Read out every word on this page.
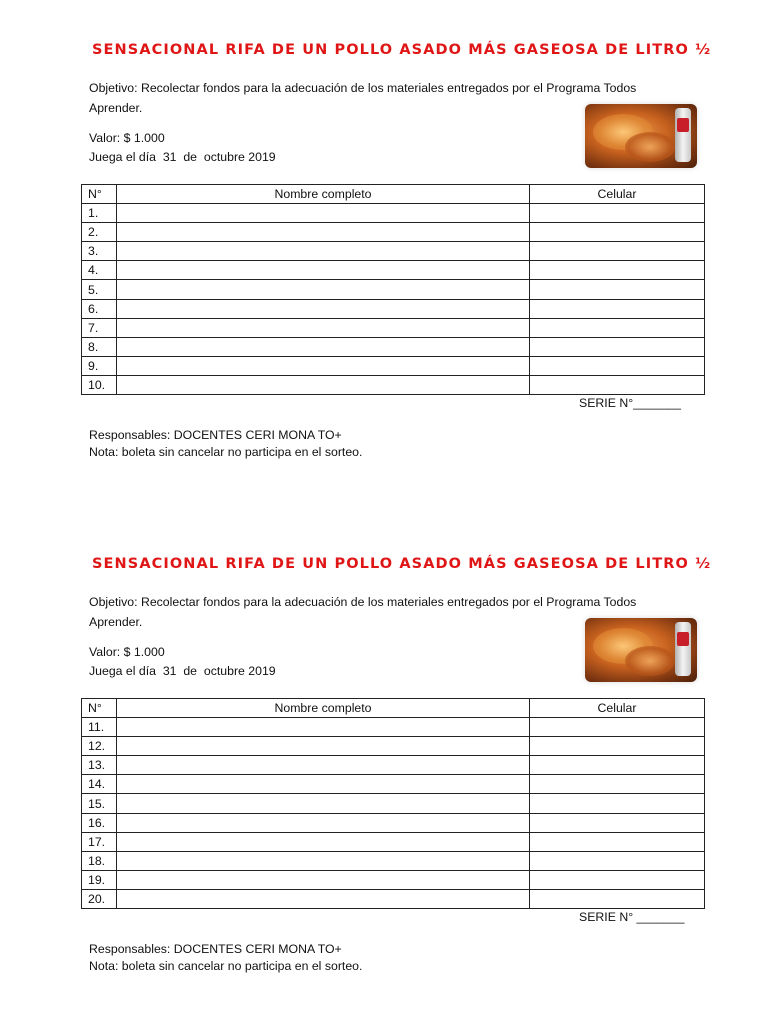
SENSACIONAL RIFA DE UN POLLO ASADO MÁS GASEOSA DE LITRO ½
Objetivo: Recolectar fondos para la adecuación de los materiales entregados por el Programa Todos Aprender.
Valor: $ 1.000
Juega el día  31  de  octubre 2019
N°	Nombre completo	Celular
1.		
2.		
3.		
4.		
5.		
6.		
7.		
8.		
9.		
10.		
SERIE N°_______
Responsables: DOCENTES CERI MONA TO+
Nota: boleta sin cancelar no participa en el sorteo.
SENSACIONAL RIFA DE UN POLLO ASADO MÁS GASEOSA DE LITRO ½
Objetivo: Recolectar fondos para la adecuación de los materiales entregados por el Programa Todos Aprender.
Valor: $ 1.000
Juega el día  31  de  octubre 2019
N°	Nombre completo	Celular
11.		
12.		
13.		
14.		
15.		
16.		
17.		
18.		
19.		
20.		
SERIE N° _______
Responsables: DOCENTES CERI MONA TO+
Nota: boleta sin cancelar no participa en el sorteo.
